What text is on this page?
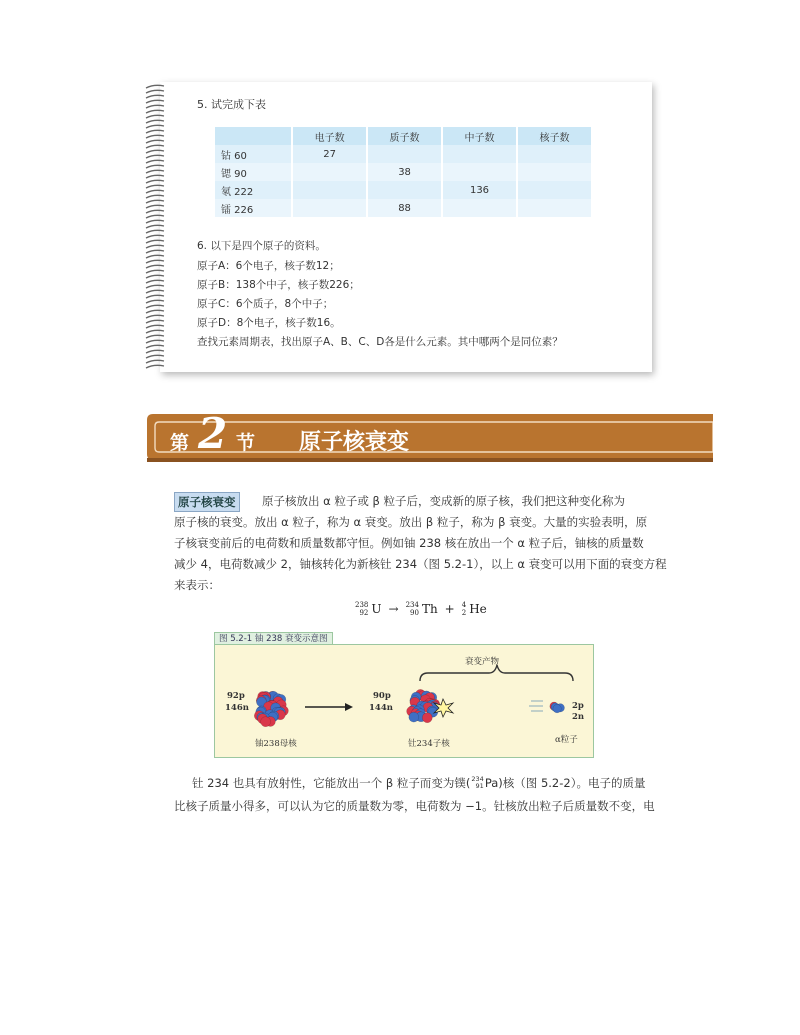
5. 试完成下表
	电子数	质子数	中子数	核子数
钴 60	27			
锶 90		38		
氡 222			136	
镭 226		88		
6. 以下是四个原子的资料。
原子A：6个电子，核子数12；
原子B：138个中子，核子数226；
原子C：6个质子，8个中子；
原子D：8个电子，核子数16。
查找元素周期表，找出原子A、B、C、D各是什么元素。其中哪两个是同位素？
第 2 节 原子核衰变
原子核衰变	原子核放出 α 粒子或 β 粒子后，变成新的原子核，我们把这种变化称为
原子核的衰变。放出 α 粒子，称为 α 衰变。放出 β 粒子，称为 β 衰变。大量的实验表明，原
子核衰变前后的电荷数和质量数都守恒。例如铀 238 核在放出一个 α 粒子后，铀核的质量数
减少 4，电荷数减少 2，铀核转化为新核钍 234（图 5.2-1），以上 α 衰变可以用下面的衰变方程
来表示：
238
92 U → 234
90 Th + 4
2 He
图 5.2-1 铀 238 衰变示意图
衰变产物
92p
146n
铀238母核
90p
144n
钍234子核
2p
2n
α粒子
钍 234 也具有放射性，它能放出一个 β 粒子而变为镤( 234
91 Pa )核（图 5.2-2）。电子的质量
比核子质量小得多，可以认为它的质量数为零，电荷数为 −1。钍核放出粒子后质量数不变，电
